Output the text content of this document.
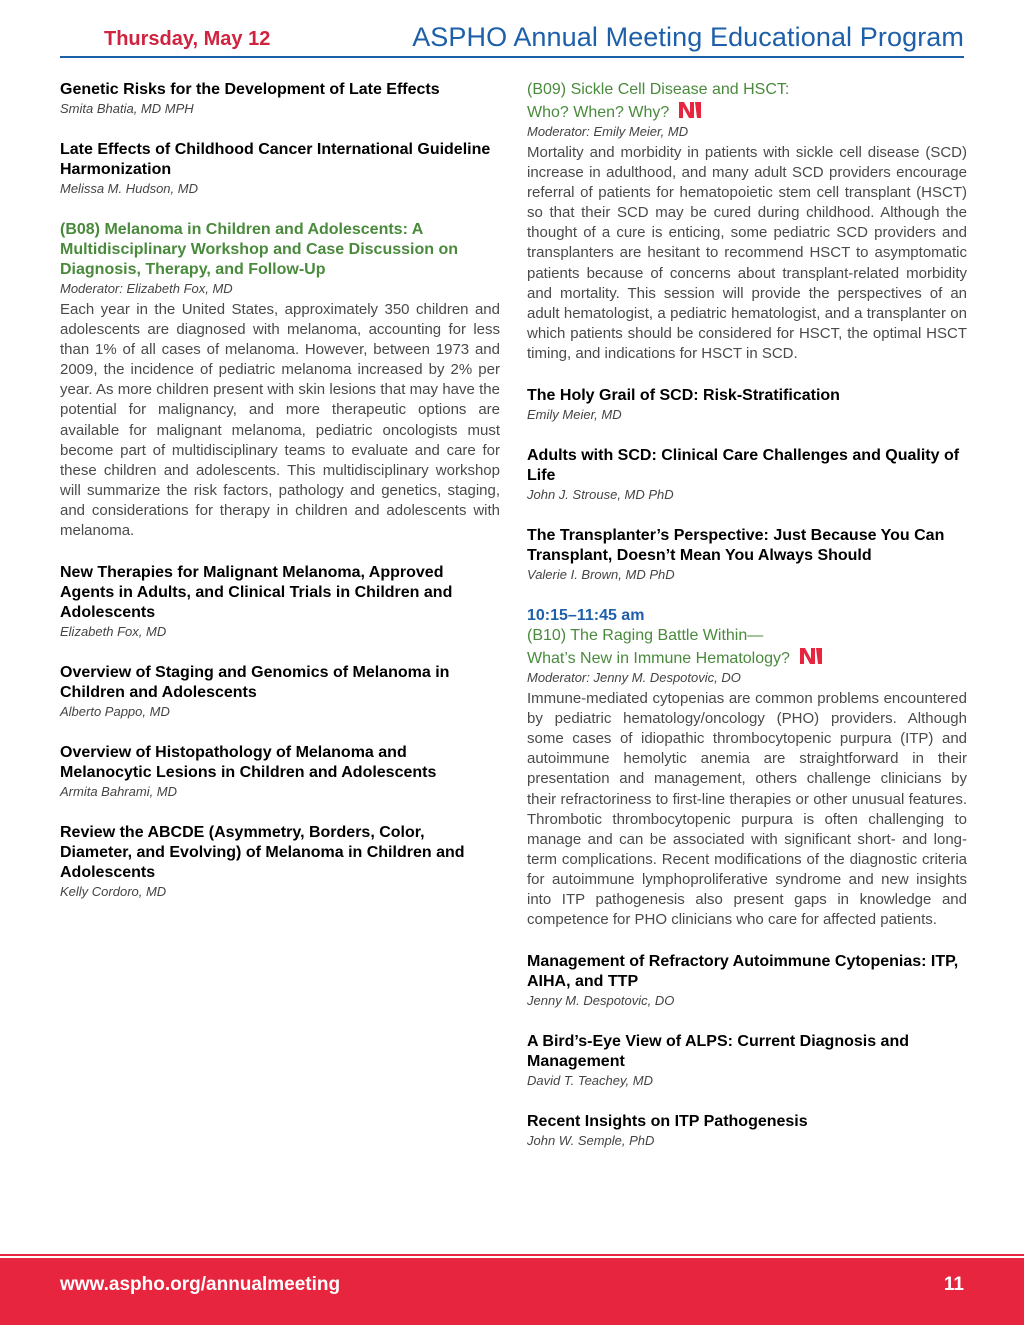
Thursday, May 12	ASPHO Annual Meeting Educational Program

Genetic Risks for the Development of Late Effects

Smita Bhatia, MD MPH

Late Effects of Childhood Cancer International Guideline Harmonization

Melissa M. Hudson, MD

(B08) Melanoma in Children and Adolescents: A Multidisciplinary Workshop and Case Discussion on Diagnosis, Therapy, and Follow-Up

Moderator: Elizabeth Fox, MD

Each year in the United States, approximately 350 children and adolescents are diagnosed with melanoma, accounting for less than 1% of all cases of melanoma. However, between 1973 and 2009, the incidence of pediatric melanoma increased by 2% per year. As more children present with skin lesions that may have the potential for malignancy, and more therapeutic options are available for malignant melanoma, pediatric oncologists must become part of multidisciplinary teams to evaluate and care for these children and adolescents. This multidisciplinary workshop will summarize the risk factors, pathology and genetics, staging, and considerations for therapy in children and adolescents with melanoma.

New Therapies for Malignant Melanoma, Approved Agents in Adults, and Clinical Trials in Children and Adolescents

Elizabeth Fox, MD

Overview of Staging and Genomics of Melanoma in Children and Adolescents

Alberto Pappo, MD

Overview of Histopathology of Melanoma and Melanocytic Lesions in Children and Adolescents

Armita Bahrami, MD

Review the ABCDE (Asymmetry, Borders, Color, Diameter, and Evolving) of Melanoma in Children and Adolescents

Kelly Cordoro, MD

(B09) Sickle Cell Disease and HSCT:

Who? When? Why?

Moderator: Emily Meier, MD

Mortality and morbidity in patients with sickle cell disease (SCD) increase in adulthood, and many adult SCD providers encourage referral of patients for hematopoietic stem cell transplant (HSCT) so that their SCD may be cured during childhood. Although the thought of a cure is enticing, some pediatric SCD providers and transplanters are hesitant to recommend HSCT to asymptomatic patients because of concerns about transplant-related morbidity and mortality. This session will provide the perspectives of an adult hematologist, a pediatric hematologist, and a transplanter on which patients should be considered for HSCT, the optimal HSCT timing, and indications for HSCT in SCD.

The Holy Grail of SCD: Risk-Stratification

Emily Meier, MD

Adults with SCD: Clinical Care Challenges and Quality of Life

John J. Strouse, MD PhD

The Transplanter’s Perspective: Just Because You Can Transplant, Doesn’t Mean You Always Should

Valerie I. Brown, MD PhD

10:15–11:45 am

(B10) The Raging Battle Within—

What’s New in Immune Hematology?

Moderator: Jenny M. Despotovic, DO

Immune-mediated cytopenias are common problems encountered by pediatric hematology/oncology (PHO) providers. Although some cases of idiopathic thrombocytopenic purpura (ITP) and autoimmune hemolytic anemia are straightforward in their presentation and management, others challenge clinicians by their refractoriness to first-line therapies or other unusual features. Thrombotic thrombocytopenic purpura is often challenging to manage and can be associated with significant short- and long-term complications. Recent modifications of the diagnostic criteria for autoimmune lymphoproliferative syndrome and new insights into ITP pathogenesis also present gaps in knowledge and competence for PHO clinicians who care for affected patients.

Management of Refractory Autoimmune Cytopenias: ITP, AIHA, and TTP

Jenny M. Despotovic, DO

A Bird’s-Eye View of ALPS: Current Diagnosis and Management

David T. Teachey, MD

Recent Insights on ITP Pathogenesis

John W. Semple, PhD

www.aspho.org/annualmeeting	11
